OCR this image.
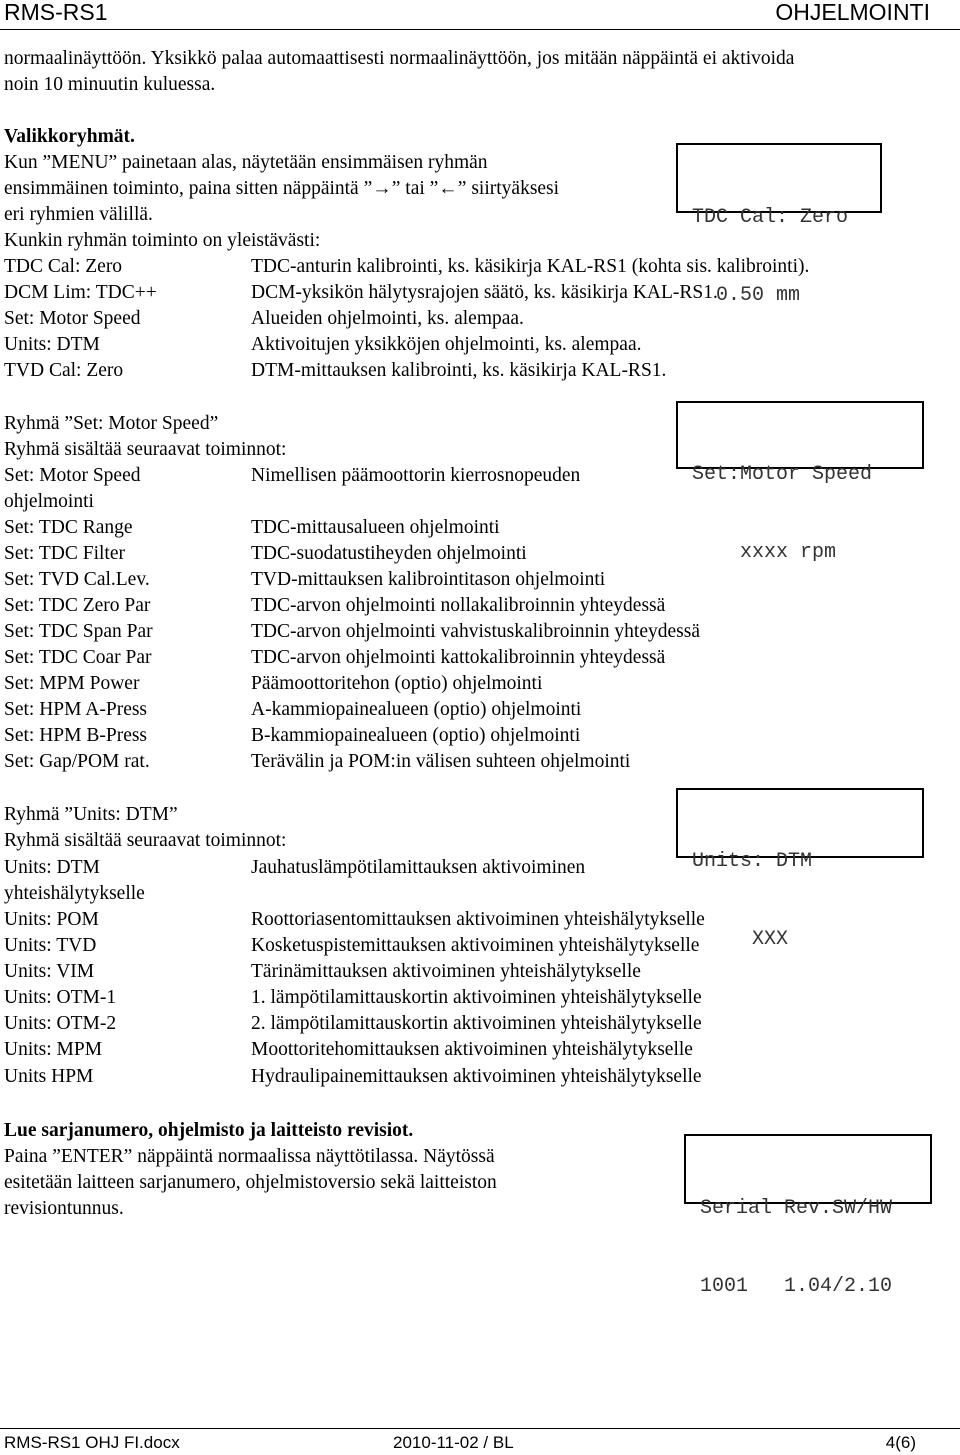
RMS-RS1	OHJELMOINTI
normaalinäyttöön. Yksikkö palaa automaattisesti normaalinäyttöön, jos mitään näppäintä ei aktivoida
noin 10 minuutin kuluessa.
Valikkoryhmät.
Kun ”MENU” painetaan alas, näytetään ensimmäisen ryhmän
ensimmäinen toiminto, paina sitten näppäintä ”→” tai ”←” siirtyäksesi
eri ryhmien välillä.
Kunkin ryhmän toiminto on yleistävästi:

TDC Cal: Zero

0.50 mm

TDC Cal: Zero	TDC-anturin kalibrointi, ks. käsikirja KAL-RS1 (kohta sis. kalibrointi).
DCM Lim: TDC++	DCM-yksikön hälytysrajojen säätö, ks. käsikirja KAL-RS1.
Set: Motor Speed	Alueiden ohjelmointi, ks. alempaa.
Units: DTM	Aktivoitujen yksikköjen ohjelmointi, ks. alempaa.
TVD Cal: Zero	DTM-mittauksen kalibrointi, ks. käsikirja KAL-RS1.
Ryhmä ”Set: Motor Speed”
Ryhmä sisältää seuraavat toiminnot:

Set:Motor Speed

xxxx rpm

Set: Motor Speed	Nimellisen päämoottorin kierrosnopeuden
ohjelmointi
Set: TDC Range	TDC-mittausalueen ohjelmointi
Set: TDC Filter	TDC-suodatustiheyden ohjelmointi
Set: TVD Cal.Lev.	TVD-mittauksen kalibrointitason ohjelmointi
Set: TDC Zero Par	TDC-arvon ohjelmointi nollakalibroinnin yhteydessä
Set: TDC Span Par	TDC-arvon ohjelmointi vahvistuskalibroinnin yhteydessä
Set: TDC Coar Par	TDC-arvon ohjelmointi kattokalibroinnin yhteydessä
Set: MPM Power	Päämoottoritehon (optio) ohjelmointi
Set: HPM A-Press	A-kammiopainealueen (optio) ohjelmointi
Set: HPM B-Press	B-kammiopainealueen (optio) ohjelmointi
Set: Gap/POM rat.	Terävälin ja POM:in välisen suhteen ohjelmointi
Ryhmä ”Units: DTM”
Ryhmä sisältää seuraavat toiminnot:

Units: DTM

XXX

Units: DTM	Jauhatuslämpötilamittauksen aktivoiminen
yhteishälytykselle
Units: POM	Roottoriasentomittauksen aktivoiminen yhteishälytykselle
Units: TVD	Kosketuspistemittauksen aktivoiminen yhteishälytykselle
Units: VIM	Tärinämittauksen aktivoiminen yhteishälytykselle
Units: OTM-1	1. lämpötilamittauskortin aktivoiminen yhteishälytykselle
Units: OTM-2	2. lämpötilamittauskortin aktivoiminen yhteishälytykselle
Units: MPM	Moottoritehomittauksen aktivoiminen yhteishälytykselle
Units HPM	Hydraulipainemittauksen aktivoiminen yhteishälytykselle
Lue sarjanumero, ohjelmisto ja laitteisto revisiot.
Paina ”ENTER” näppäintä normaalissa näyttötilassa. Näytössä
esitetään laitteen sarjanumero, ohjelmistoversio sekä laitteiston
revisiontunnus.

	Serial Rev.SW/HW

1001   1.04/2.10

RMS-RS1 OHJ FI.docx	2010-11-02 / BL	4(6)
